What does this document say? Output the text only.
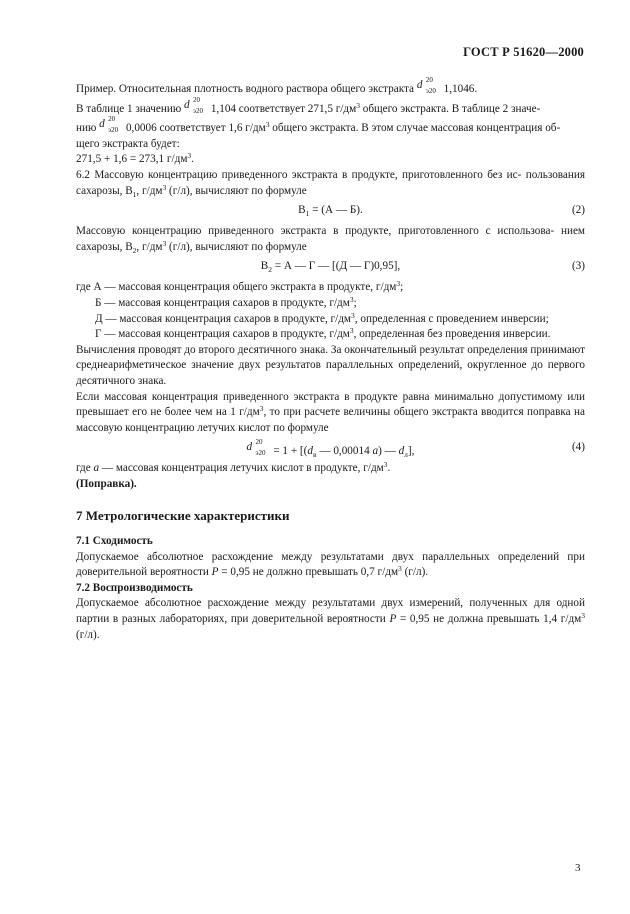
ГОСТ Р 51620—2000

Пример. Относительная плотность водного раствора общего экстракта d 20
э20 1,1046.

В таблице 1 значению d 20
э20 1,104 соответствует 271,5 $г/дм^3$ общего экстракта. В таблице 2 значе-

нию d 20
э20 0,0006 соответствует 1,6 $г/дм^3$ общего экстракта. В этом случае массовая концентрация об-

щего экстракта будет:

271,5 + 1,6 = 273,1 $г/дм^3$.

6.2 Массовую концентрацию приведенного экстракта в продукте, приготовленного без ис- пользования сахарозы, $В_1$, $г/дм^3$ (г/л), вычисляют по формуле

$В_1 = (А$ — Б).	(2)

Массовую концентрацию приведенного экстракта в продукте, приготовленного с использова- нием сахарозы, $В_2$, $г/дм^3$ (г/л), вычисляют по формуле

$В_2 = А$ — Г — [(Д — Г)0,95],	(3)

где А — массовая концентрация общего экстракта в продукте, $г/дм^3$;

Б — массовая концентрация сахаров в продукте, $г/дм^3$;

Д — массовая концентрация сахаров в продукте, $г/дм^3$, определенная с проведением инверсии;

Г — массовая концентрация сахаров в продукте, $г/дм^3$, определенная без проведения инверсии.

Вычисления проводят до второго десятичного знака. За окончательный результат определения принимают среднеарифметическое значение двух результатов параллельных определений, округленное до первого десятичного знака.

Если массовая концентрация приведенного экстракта в продукте равна минимально допустимому или превышает его не более чем на 1 $г/дм^3$, то при расчете величины общего экстракта вводится поправка на массовую концентрацию летучих кислот по формуле

d 20
$э20 = 1 + [(d_в$ — 0,00014 a) — $d_л$],	(4)

где a — массовая концентрация летучих кислот в продукте, $г/дм^3$.

(Поправка).

7 Метрологические характеристики

7.1 Сходимость

Допускаемое абсолютное расхождение между результатами двух параллельных определений при доверительной вероятности P = 0,95 не должно превышать 0,7 $г/дм^3$ (г/л).

7.2 Воспроизводимость

Допускаемое абсолютное расхождение между результатами двух измерений, полученных для одной партии в разных лабораториях, при доверительной вероятности P = 0,95 не должна превышать 1,4 $г/дм^3$ (г/л).

3
